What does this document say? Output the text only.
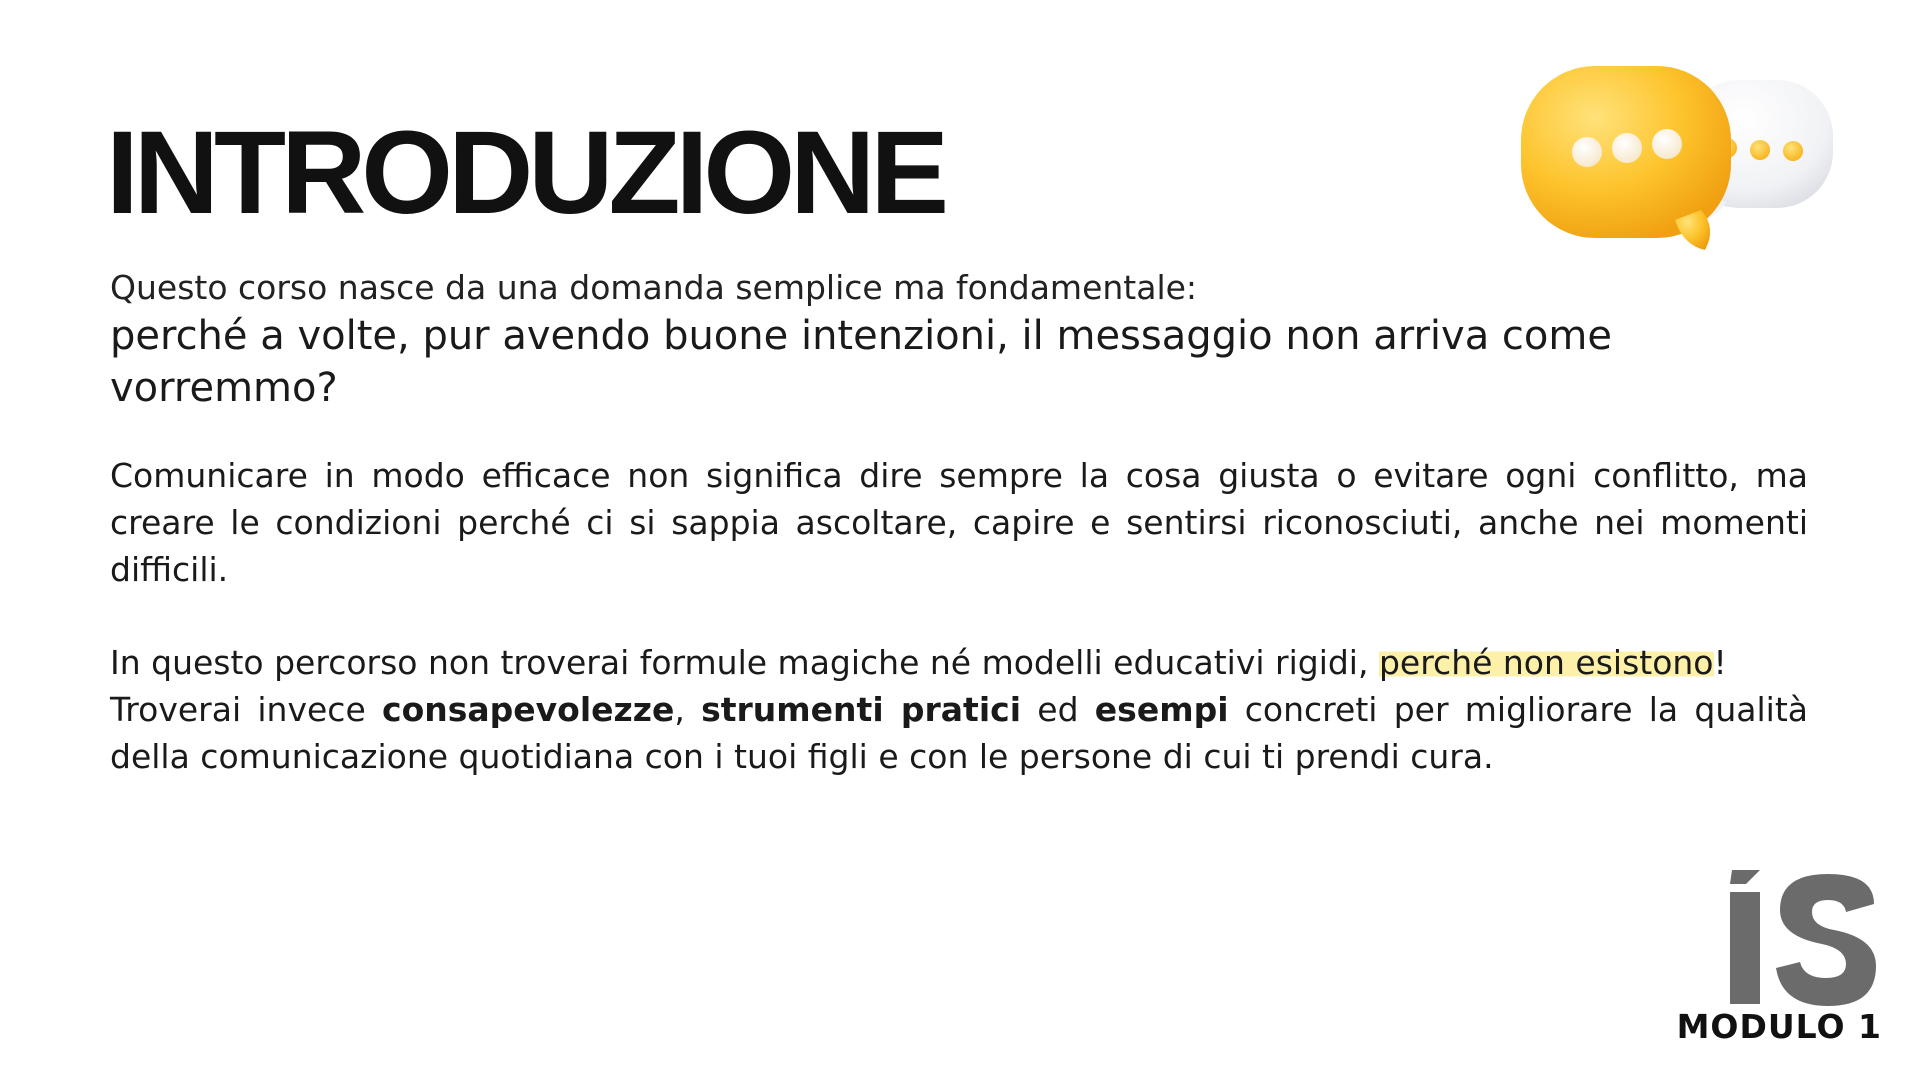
INTRODUZIONE

Questo corso nasce da una domanda semplice ma fondamentale:

perché a volte, pur avendo buone intenzioni, il messaggio non arriva come vorremmo?

Comunicare in modo efficace non significa dire sempre la cosa giusta o evitare ogni conflitto, ma creare le condizioni perché ci si sappia ascoltare, capire e sentirsi riconosciuti, anche nei momenti difficili.

In questo percorso non troverai formule magiche né modelli educativi rigidi, perché non esistono!

Troverai invece consapevolezze, strumenti pratici ed esempi concreti per migliorare la qualità della comunicazione quotidiana con i tuoi figli e con le persone di cui ti prendi cura.

MODULO 1
